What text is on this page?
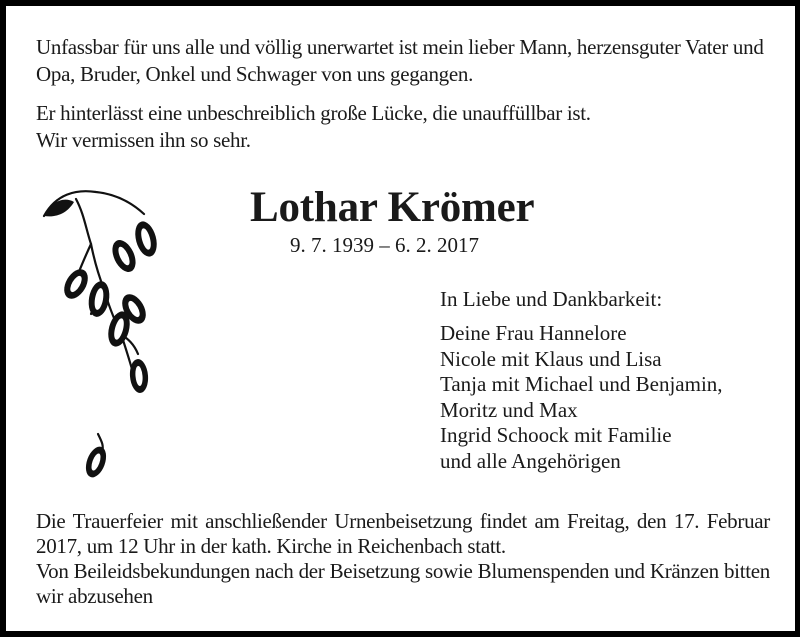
Unfassbar für uns alle und völlig unerwartet ist mein lieber Mann, herzensguter Vater und Opa, Bruder, Onkel und Schwager von uns gegangen.

Er hinterlässt eine unbeschreiblich große Lücke, die unauffüllbar ist.
Wir vermissen ihn so sehr.

Lothar Krömer
9. 7. 1939 – 6. 2. 2017
In Liebe und Dankbarkeit:
Deine Frau Hannelore
Nicole mit Klaus und Lisa
Tanja mit Michael und Benjamin,
Moritz und Max
Ingrid Schoock mit Familie
und alle Angehörigen

Die Trauerfeier mit anschließender Urnenbeisetzung findet am Freitag, den 17. Februar 2017, um 12 Uhr in der kath. Kirche in Reichenbach statt.

Von Beileidsbekundungen nach der Beisetzung sowie Blumenspenden und Kränzen bitten wir abzusehen
